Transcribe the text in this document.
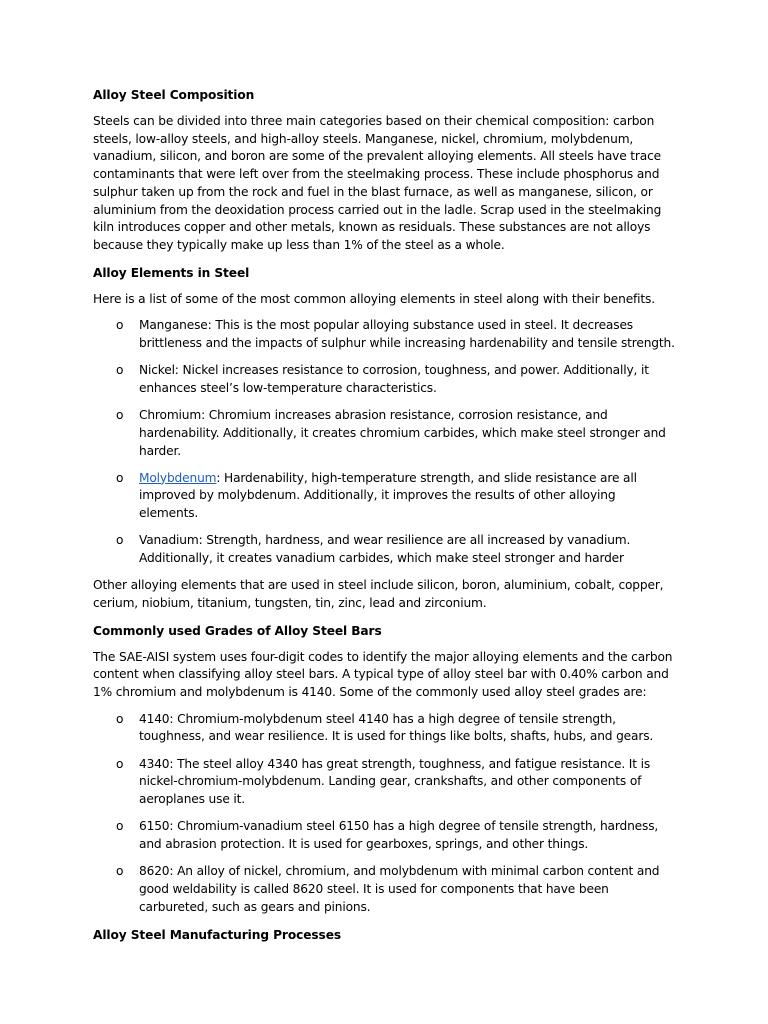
Alloy Steel Composition

Steels can be divided into three main categories based on their chemical composition: carbon steels, low-alloy steels, and high-alloy steels. Manganese, nickel, chromium, molybdenum, vanadium, silicon, and boron are some of the prevalent alloying elements. All steels have trace contaminants that were left over from the steelmaking process. These include phosphorus and sulphur taken up from the rock and fuel in the blast furnace, as well as manganese, silicon, or aluminium from the deoxidation process carried out in the ladle. Scrap used in the steelmaking kiln introduces copper and other metals, known as residuals. These substances are not alloys because they typically make up less than 1% of the steel as a whole.

Alloy Elements in Steel

Here is a list of some of the most common alloying elements in steel along with their benefits.

o Manganese: This is the most popular alloying substance used in steel. It decreases brittleness and the impacts of sulphur while increasing hardenability and tensile strength.
o Nickel: Nickel increases resistance to corrosion, toughness, and power. Additionally, it enhances steel’s low-temperature characteristics.
o Chromium: Chromium increases abrasion resistance, corrosion resistance, and hardenability. Additionally, it creates chromium carbides, which make steel stronger and harder.
o Molybdenum: Hardenability, high-temperature strength, and slide resistance are all improved by molybdenum. Additionally, it improves the results of other alloying elements.
o Vanadium: Strength, hardness, and wear resilience are all increased by vanadium. Additionally, it creates vanadium carbides, which make steel stronger and harder

Other alloying elements that are used in steel include silicon, boron, aluminium, cobalt, copper, cerium, niobium, titanium, tungsten, tin, zinc, lead and zirconium.

Commonly used Grades of Alloy Steel Bars

The SAE-AISI system uses four-digit codes to identify the major alloying elements and the carbon content when classifying alloy steel bars. A typical type of alloy steel bar with 0.40% carbon and 1% chromium and molybdenum is 4140. Some of the commonly used alloy steel grades are:

o 4140: Chromium-molybdenum steel 4140 has a high degree of tensile strength, toughness, and wear resilience. It is used for things like bolts, shafts, hubs, and gears.
o 4340: The steel alloy 4340 has great strength, toughness, and fatigue resistance. It is nickel-chromium-molybdenum. Landing gear, crankshafts, and other components of aeroplanes use it.
o 6150: Chromium-vanadium steel 6150 has a high degree of tensile strength, hardness, and abrasion protection. It is used for gearboxes, springs, and other things.
o 8620: An alloy of nickel, chromium, and molybdenum with minimal carbon content and good weldability is called 8620 steel. It is used for components that have been carbureted, such as gears and pinions.
Alloy Steel Manufacturing Processes
